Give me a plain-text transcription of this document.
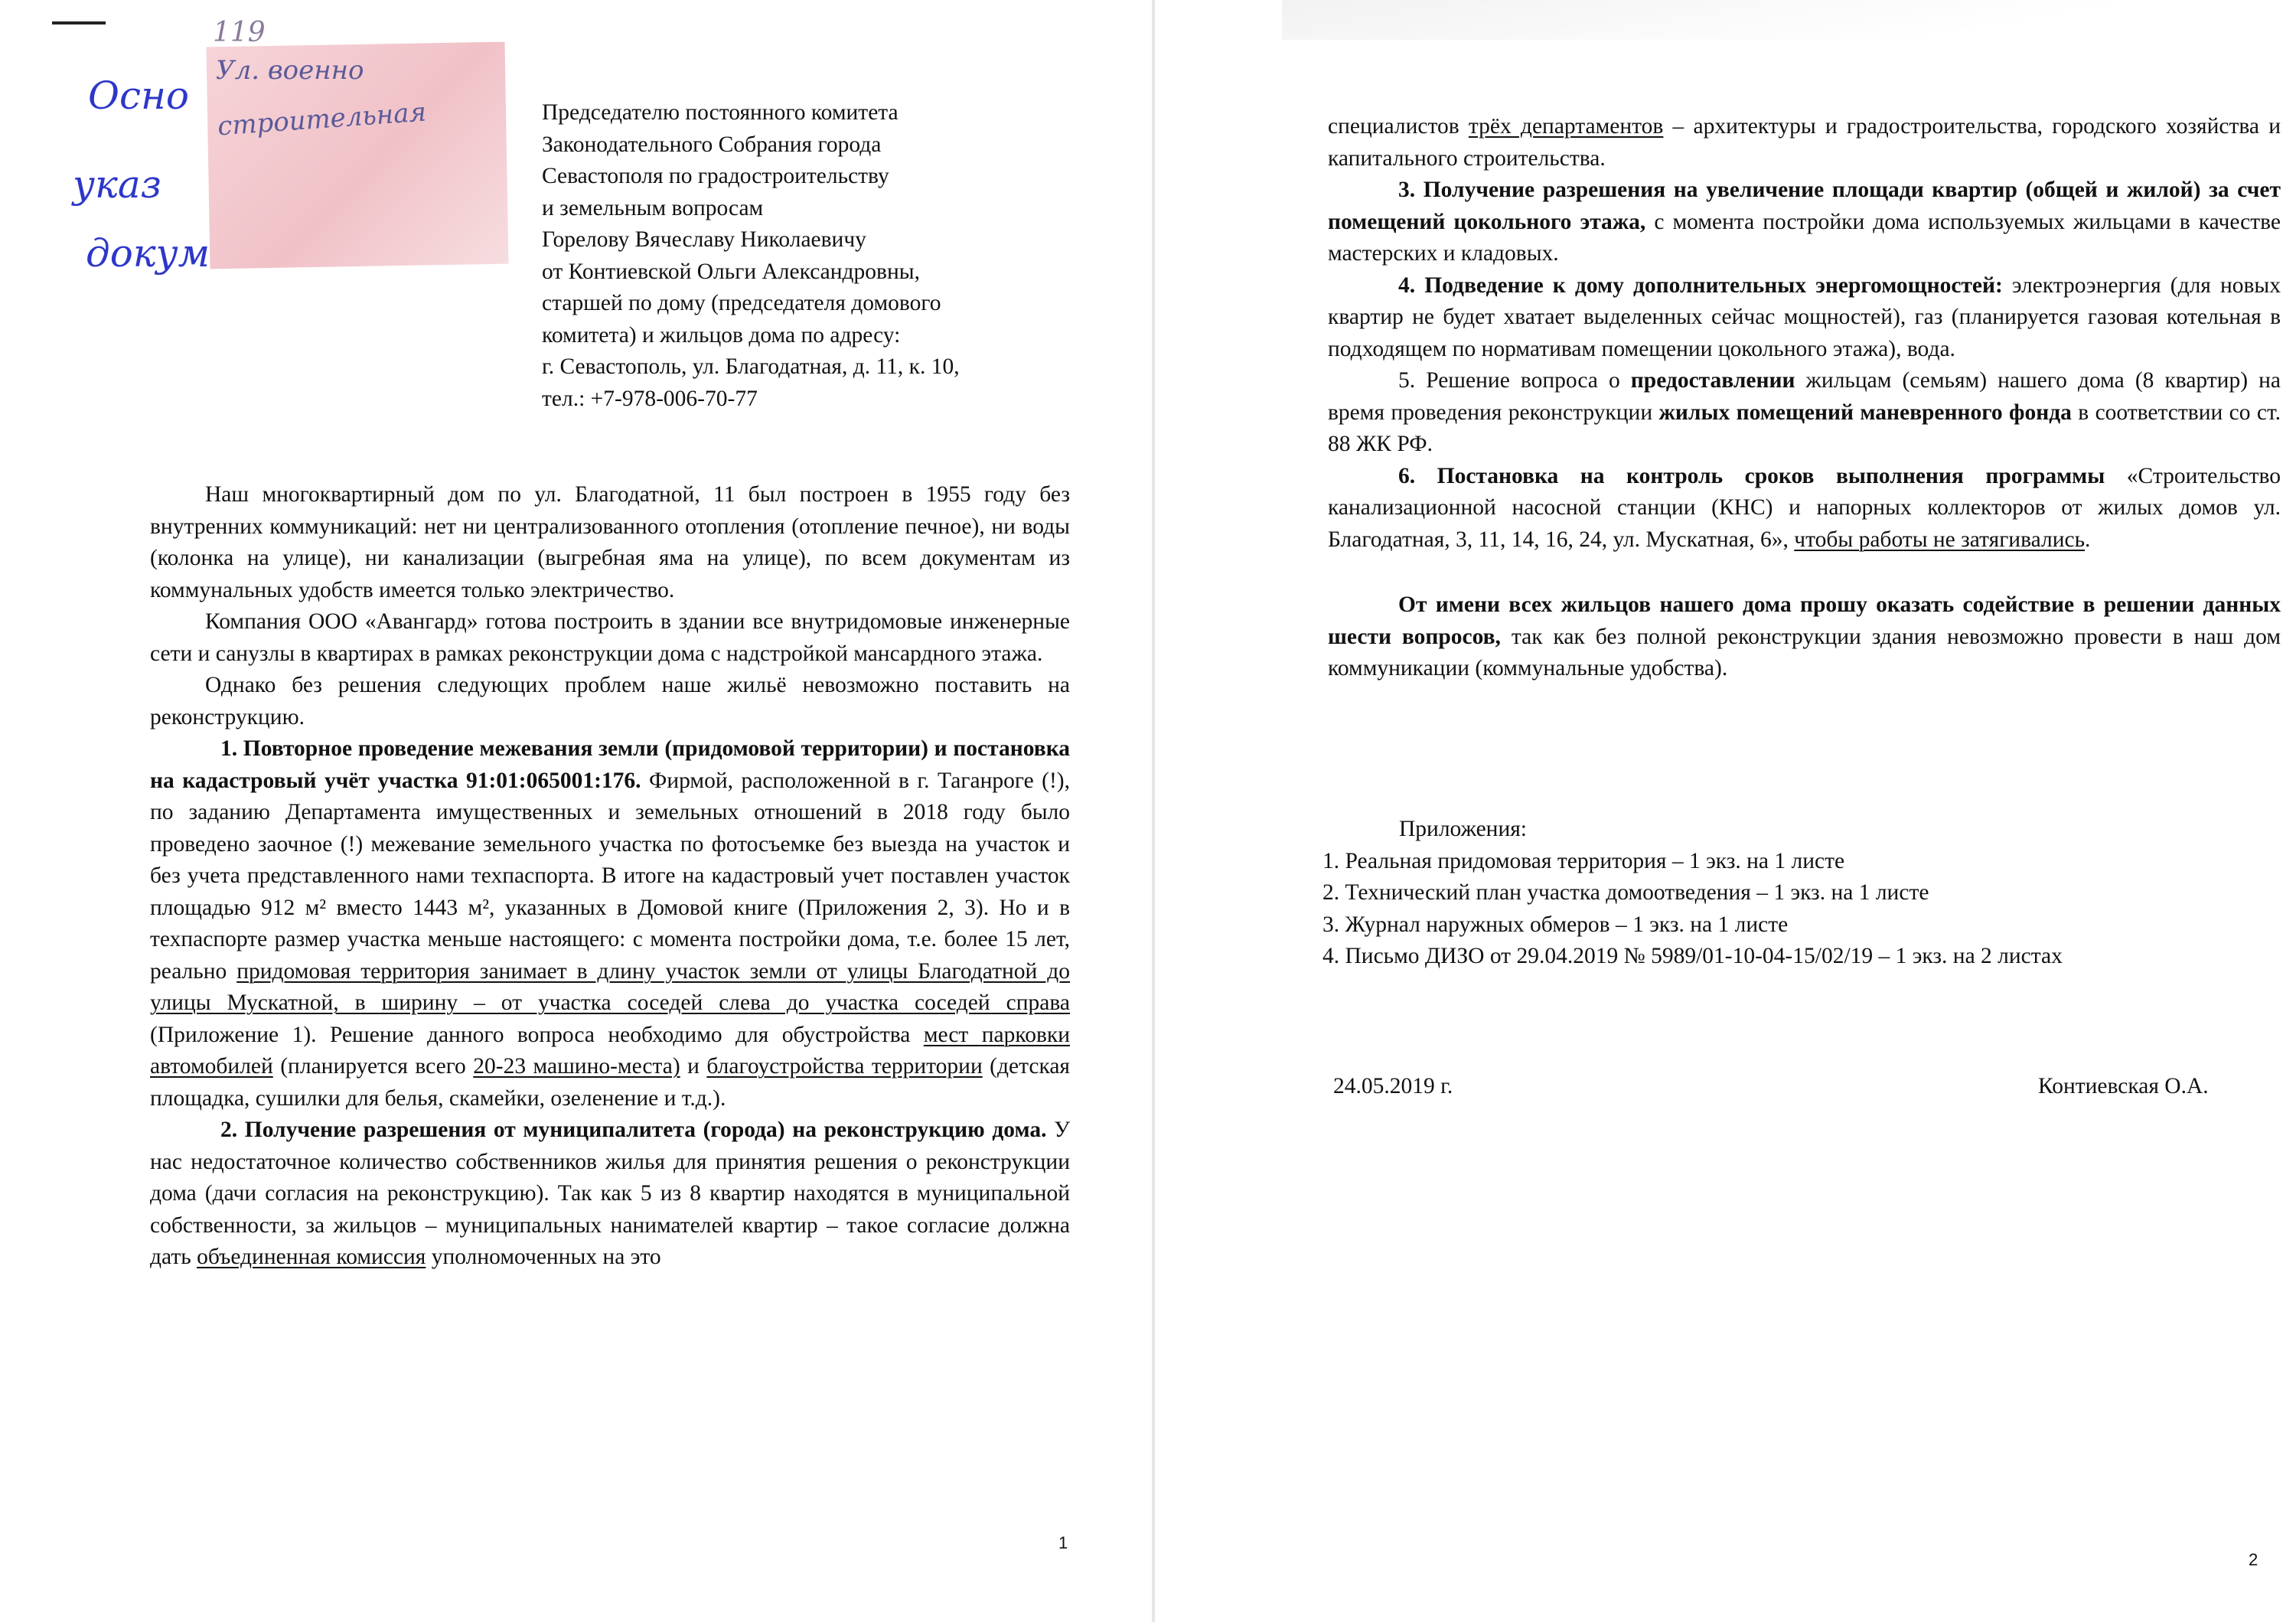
119
Ул. военно
строительная
Осно
указ
докум
Председателю постоянного комитета
Законодательного Собрания города
Севастополя по градостроительству
и земельным вопросам
Горелову Вячеславу Николаевичу
от Контиевской Ольги Александровны,
старшей по дому (председателя домового
комитета) и жильцов дома по адресу:
г. Севастополь, ул. Благодатная, д. 11, к. 10,
тел.: +7-978-006-70-77

Наш многоквартирный дом по ул. Благодатной, 11 был построен в 1955 году без внутренних коммуникаций: нет ни централизованного отопления (отопление печное), ни воды (колонка на улице), ни канализации (выгребная яма на улице), по всем документам из коммунальных удобств имеется только электричество.

Компания ООО «Авангард» готова построить в здании все внутридомовые инженерные сети и санузлы в квартирах в рамках реконструкции дома с надстройкой мансардного этажа.

Однако без решения следующих проблем наше жильё невозможно поставить на реконструкцию.

1. Повторное проведение межевания земли (придомовой территории) и постановка на кадастровый учёт участка 91:01:065001:176. Фирмой, расположенной в г. Таганроге (!), по заданию Департамента имущественных и земельных отношений в 2018 году было проведено заочное (!) межевание земельного участка по фотосъемке без выезда на участок и без учета представленного нами техпаспорта. В итоге на кадастровый учет поставлен участок площадью 912 м² вместо 1443 м², указанных в Домовой книге (Приложения 2, 3). Но и в техпаспорте размер участка меньше настоящего: с момента постройки дома, т.е. более 15 лет, реально придомовая территория занимает в длину участок земли от улицы Благодатной до улицы Мускатной, в ширину – от участка соседей слева до участка соседей справа (Приложение 1). Решение данного вопроса необходимо для обустройства мест парковки автомобилей (планируется всего 20-23 машино-места) и благоустройства территории (детская площадка, сушилки для белья, скамейки, озеленение и т.д.).

2. Получение разрешения от муниципалитета (города) на реконструкцию дома. У нас недостаточное количество собственников жилья для принятия решения о реконструкции дома (дачи согласия на реконструкцию). Так как 5 из 8 квартир находятся в муниципальной собственности, за жильцов – муниципальных нанимателей квартир – такое согласие должна дать объединенная комиссия уполномоченных на это

1

специалистов трёх департаментов – архитектуры и градостроительства, городского хозяйства и капитального строительства.

3. Получение разрешения на увеличение площади квартир (общей и жилой) за счет помещений цокольного этажа, с момента постройки дома используемых жильцами в качестве мастерских и кладовых.

4. Подведение к дому дополнительных энергомощностей: электроэнергия (для новых квартир не будет хватает выделенных сейчас мощностей), газ (планируется газовая котельная в подходящем по нормативам помещении цокольного этажа), вода.

5. Решение вопроса о предоставлении жильцам (семьям) нашего дома (8 квартир) на время проведения реконструкции жилых помещений маневренного фонда в соответствии со ст. 88 ЖК РФ.

6. Постановка на контроль сроков выполнения программы «Строительство канализационной насосной станции (КНС) и напорных коллекторов от жилых домов ул. Благодатная, 3, 11, 14, 16, 24, ул. Мускатная, 6», чтобы работы не затягивались.

От имени всех жильцов нашего дома прошу оказать содействие в решении данных шести вопросов, так как без полной реконструкции здания невозможно провести в наш дом коммуникации (коммунальные удобства).

Приложения:
1. Реальная придомовая территория – 1 экз. на 1 листе
2. Технический план участка домоотведения – 1 экз. на 1 листе
3. Журнал наружных обмеров – 1 экз. на 1 листе
4. Письмо ДИЗО от 29.04.2019 № 5989/01-10-04-15/02/19 – 1 экз. на 2 листах
24.05.2019 г.	Контиевская О.А.
2
